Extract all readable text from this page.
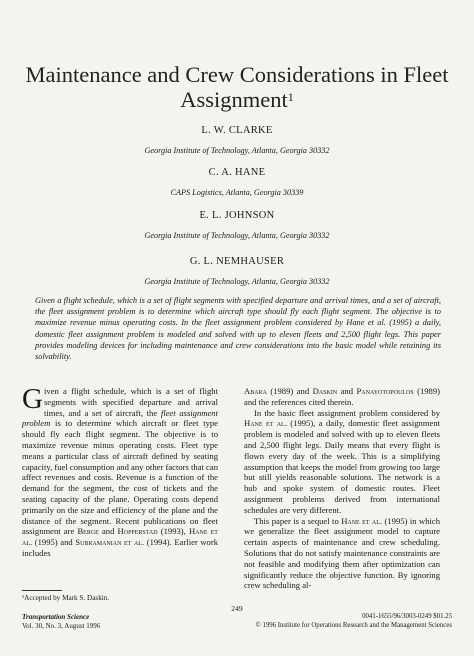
Maintenance and Crew Considerations in Fleet Assignment$^1$
L. W. CLARKE
Georgia Institute of Technology, Atlanta, Georgia 30332
C. A. HANE
CAPS Logistics, Atlanta, Georgia 30339
E. L. JOHNSON
Georgia Institute of Technology, Atlanta, Georgia 30332
G. L. NEMHAUSER
Georgia Institute of Technology, Atlanta, Georgia 30332
Given a flight schedule, which is a set of flight segments with specified departure and arrival times, and a set of aircraft, the fleet assignment problem is to determine which aircraft type should fly each flight segment. The objective is to maximize revenue minus operating costs. In the fleet assignment problem considered by Hane et al. (1995) a daily, domestic fleet assignment problem is modeled and solved with up to eleven fleets and 2,500 flight legs. This paper provides modeling devices for including maintenance and crew considerations into the basic model while retaining its solvability.

Given a flight schedule, which is a set of flight segments with specified departure and arrival times, and a set of aircraft, the fleet assignment problem is to determine which aircraft or fleet type should fly each flight segment. The objective is to maximize revenue minus operating costs. Fleet type means a particular class of aircraft defined by seating capacity, fuel consumption and any other factors that can affect revenues and costs. Revenue is a function of the demand for the segment, the cost of tickets and the seating capacity of the plane. Operating costs depend primarily on the size and efficiency of the plane and the distance of the segment. Recent publications on fleet assignment are Berge and Hopperstad (1993), Hane et al. (1995) and Subramanian et al. (1994). Earlier work includes

Abara (1989) and Daskin and Panayotopoulos (1989) and the references cited therein.

In the basic fleet assignment problem considered by Hane et al. (1995), a daily, domestic fleet assignment problem is modeled and solved with up to eleven fleets and 2,500 flight legs. Daily means that every flight is flown every day of the week. This is a simplifying assumption that keeps the model from growing too large but still yields reasonable solutions. The network is a hub and spoke system of domestic routes. Fleet assignment problems derived from international schedules are very different.

This paper is a sequel to Hane et al. (1995) in which we generalize the fleet assignment model to capture certain aspects of maintenance and crew scheduling. Solutions that do not satisfy maintenance constraints are not feasible and modifying them after optimization can significantly reduce the objective function. By ignoring crew scheduling al-

¹Accepted by Mark S. Daskin.
249
Transportation Science
Vol. 30, No. 3, August 1996
0041-1655/96/3003-0249 $01.25
© 1996 Institute for Operations Research and the Management Sciences
